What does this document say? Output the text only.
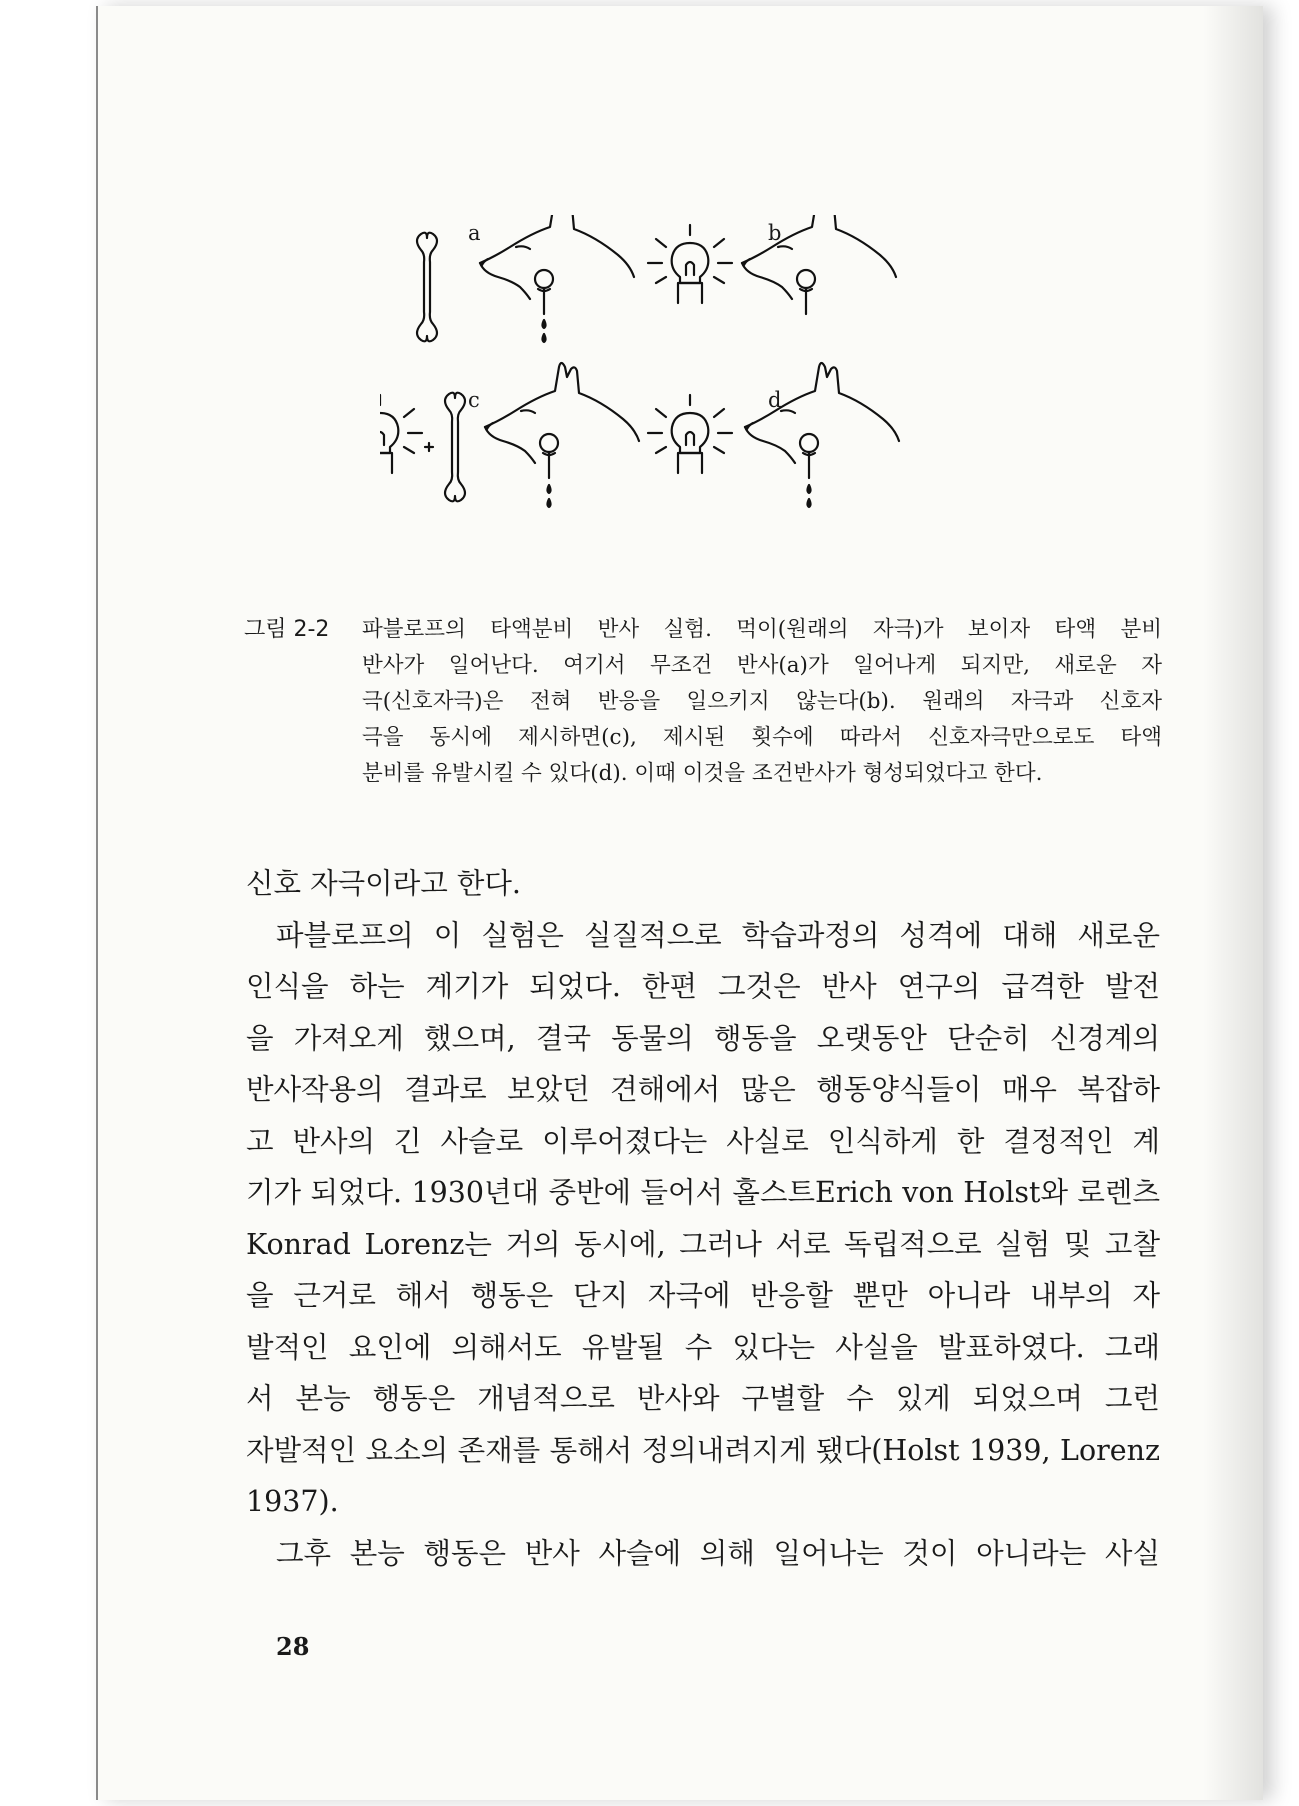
a	b
c	d
그림 2-2	파블로프의 타액분비 반사 실험. 먹이(원래의 자극)가 보이자 타액 분비
반사가 일어난다. 여기서 무조건 반사(a)가 일어나게 되지만, 새로운 자
극(신호자극)은 전혀 반응을 일으키지 않는다(b). 원래의 자극과 신호자
극을 동시에 제시하면(c), 제시된 횟수에 따라서 신호자극만으로도 타액
분비를 유발시킬 수 있다(d). 이때 이것을 조건반사가 형성되었다고 한다.
신호 자극이라고 한다.
파블로프의 이 실험은 실질적으로 학습과정의 성격에 대해 새로운
인식을 하는 계기가 되었다. 한편 그것은 반사 연구의 급격한 발전
을 가져오게 했으며, 결국 동물의 행동을 오랫동안 단순히 신경계의
반사작용의 결과로 보았던 견해에서 많은 행동양식들이 매우 복잡하
고 반사의 긴 사슬로 이루어졌다는 사실로 인식하게 한 결정적인 계
기가 되었다. 1930년대 중반에 들어서 홀스트Erich von Holst와 로렌츠
Konrad Lorenz는 거의 동시에, 그러나 서로 독립적으로 실험 및 고찰
을 근거로 해서 행동은 단지 자극에 반응할 뿐만 아니라 내부의 자
발적인 요인에 의해서도 유발될 수 있다는 사실을 발표하였다. 그래
서 본능 행동은 개념적으로 반사와 구별할 수 있게 되었으며 그런
자발적인 요소의 존재를 통해서 정의내려지게 됐다(Holst 1939, Lorenz
1937).
그후 본능 행동은 반사 사슬에 의해 일어나는 것이 아니라는 사실
28
